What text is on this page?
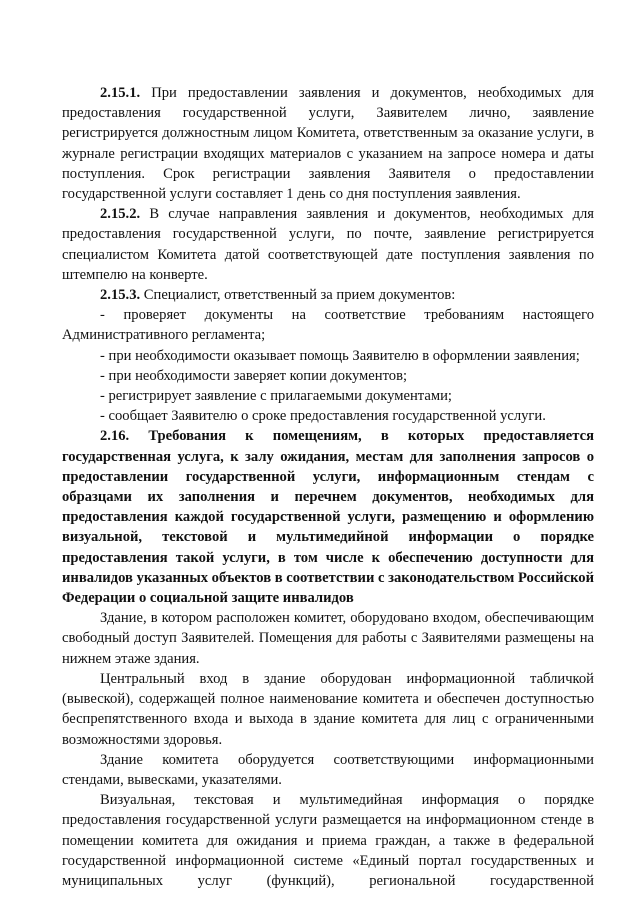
2.15.1. При предоставлении заявления и документов, необходимых для предоставления государственной услуги, Заявителем лично, заявление регистрируется должностным лицом Комитета, ответственным за оказание услуги, в журнале регистрации входящих материалов с указанием на запросе номера и даты поступления. Срок регистрации заявления Заявителя о предоставлении государственной услуги составляет 1 день со дня поступления заявления.

2.15.2. В случае направления заявления и документов, необходимых для предоставления государственной услуги, по почте, заявление регистрируется специалистом Комитета датой соответствующей дате поступления заявления по штемпелю на конверте.

2.15.3. Специалист, ответственный за прием документов:

- проверяет документы на соответствие требованиям настоящего Административного регламента;

- при необходимости оказывает помощь Заявителю в оформлении заявления;

- при необходимости заверяет копии документов;

- регистрирует заявление с прилагаемыми документами;

- сообщает Заявителю о сроке предоставления государственной услуги.

2.16. Требования к помещениям, в которых предоставляется государственная услуга, к залу ожидания, местам для заполнения запросов о предоставлении государственной услуги, информационным стендам с образцами их заполнения и перечнем документов, необходимых для предоставления каждой государственной услуги, размещению и оформлению визуальной, текстовой и мультимедийной информации о порядке предоставления такой услуги, в том числе к обеспечению доступности для инвалидов указанных объектов в соответствии с законодательством Российской Федерации о социальной защите инвалидов

Здание, в котором расположен комитет, оборудовано входом, обеспечивающим свободный доступ Заявителей. Помещения для работы с Заявителями размещены на нижнем этаже здания.

Центральный вход в здание оборудован информационной табличкой (вывеской), содержащей полное наименование комитета и обеспечен доступностью беспрепятственного входа и выхода в здание комитета для лиц с ограниченными возможностями здоровья.

Здание комитета оборудуется соответствующими информационными стендами, вывесками, указателями.

Визуальная, текстовая и мультимедийная информация о порядке предоставления государственной услуги размещается на информационном стенде в помещении комитета для ожидания и приема граждан, а также в федеральной государственной информационной системе «Единый портал государственных и муниципальных услуг (функций), региональной государственной
